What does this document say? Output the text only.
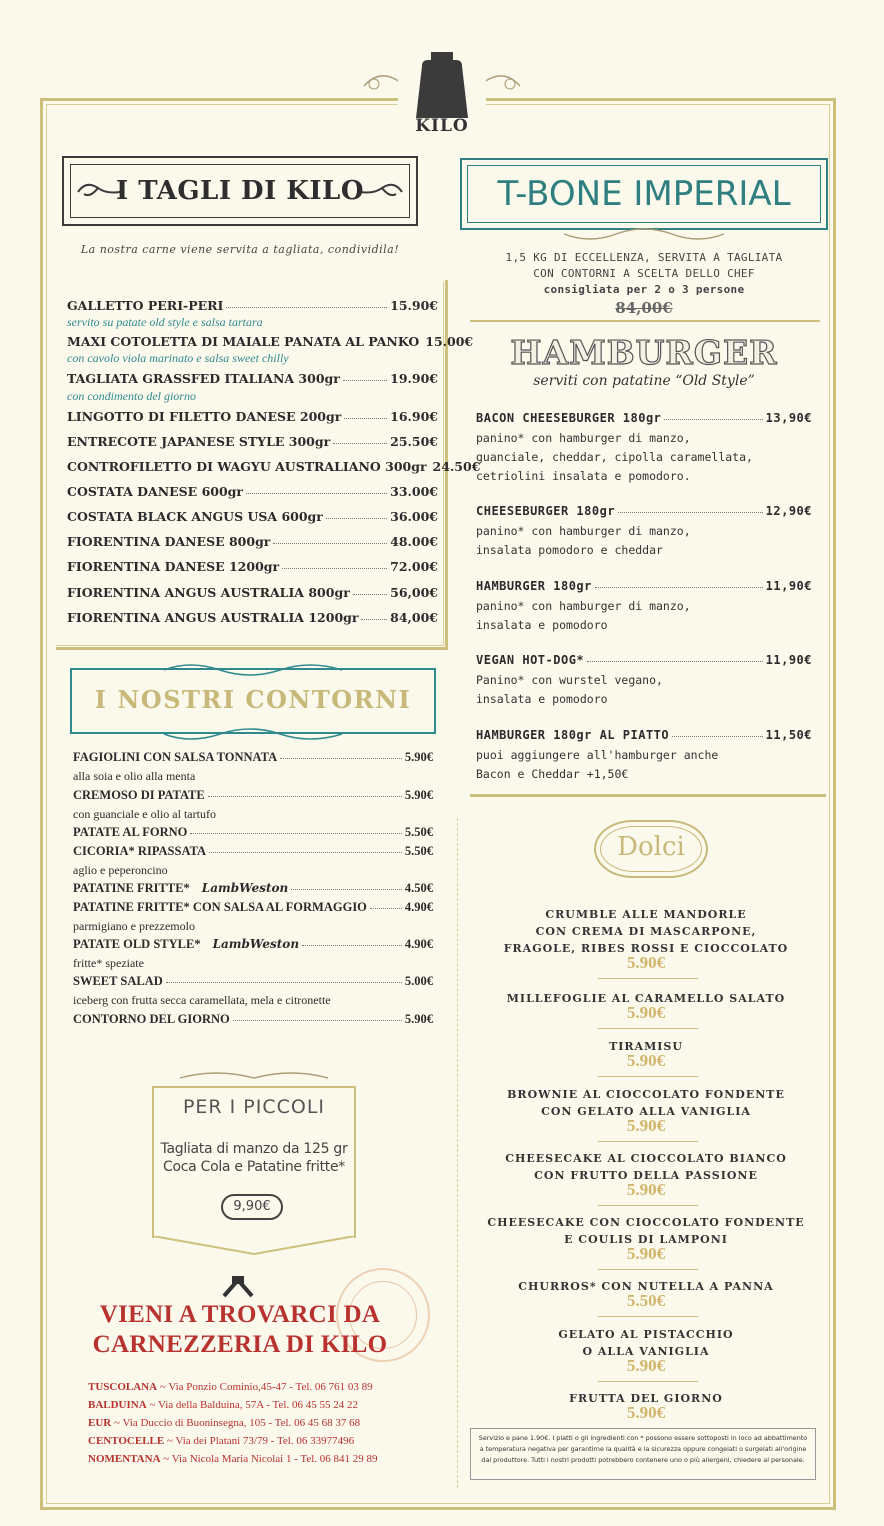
KILO
I TAGLI DI KILO
La nostra carne viene servita a tagliata, condividila!
GALLETTO PERI-PERI	15.90€
servito su patate old style e salsa tartara
MAXI COTOLETTA DI MAIALE PANATA AL PANKO 15.00€
con cavolo viola marinato e salsa sweet chilly
TAGLIATA GRASSFED ITALIANA 300gr	19.90€
con condimento del giorno
LINGOTTO DI FILETTO DANESE 200gr	16.90€
ENTRECOTE JAPANESE STYLE 300gr	25.50€
CONTROFILETTO DI WAGYU AUSTRALIANO 300gr 24.50€
COSTATA DANESE 600gr	33.00€
COSTATA BLACK ANGUS USA 600gr	36.00€
FIORENTINA DANESE 800gr	48.00€
FIORENTINA DANESE 1200gr	72.00€
FIORENTINA ANGUS AUSTRALIA 800gr	56,00€
FIORENTINA ANGUS AUSTRALIA 1200gr	84,00€
I NOSTRI CONTORNI
FAGIOLINI CON SALSA TONNATA	5.90€
alla soia e olio alla menta
CREMOSO DI PATATE	5.90€
con guanciale e olio al tartufo
PATATE AL FORNO	5.50€
CICORIA* RIPASSATA	5.50€
aglio e peperoncino
PATATINE FRITTE* LambWeston	4.50€
PATATINE FRITTE* CON SALSA AL FORMAGGIO	4.90€
parmigiano e prezzemolo
PATATE OLD STYLE* LambWeston	4.90€
fritte* speziate
SWEET SALAD	5.00€
iceberg con frutta secca caramellata, mela e citronette
CONTORNO DEL GIORNO	5.90€
PER I PICCOLI
Tagliata di manzo da 125 gr
Coca Cola e Patatine fritte*
9,90€
VIENI A TROVARCI DA
CARNEZZERIA DI KILO
TUSCOLANA ~ Via Ponzio Cominio,45-47 - Tel. 06 761 03 89
BALDUINA ~ Via della Balduina, 57A - Tel. 06 45 55 24 22
EUR ~ Via Duccio di Buoninsegna, 105 - Tel. 06 45 68 37 68
CENTOCELLE ~ Via dei Platani 73/79 - Tel. 06 33977496
NOMENTANA ~ Via Nicola Maria Nicolai 1 - Tel. 06 841 29 89
T-BONE IMPERIAL
1,5 KG DI ECCELLENZA, SERVITA A TAGLIATA
CON CONTORNI A SCELTA DELLO CHEF
consigliata per 2 o 3 persone
84,00€
HAMBURGER
serviti con patatine “Old Style”
BACON CHEESEBURGER 180gr	13,90€
panino* con hamburger di manzo,
guanciale, cheddar, cipolla caramellata,
cetriolini insalata e pomodoro.
CHEESEBURGER 180gr	12,90€
panino* con hamburger di manzo,
insalata pomodoro e cheddar
HAMBURGER 180gr	11,90€
panino* con hamburger di manzo,
insalata e pomodoro
VEGAN HOT-DOG*	11,90€
Panino* con wurstel vegano,
insalata e pomodoro
HAMBURGER 180gr AL PIATTO	11,50€
puoi aggiungere all'hamburger anche
Bacon e Cheddar +1,50€
Dolci
CRUMBLE ALLE MANDORLE
CON CREMA DI MASCARPONE,
FRAGOLE, RIBES ROSSI E CIOCCOLATO
5.90€
MILLEFOGLIE AL CARAMELLO SALATO
5.90€
TIRAMISU
5.90€
BROWNIE AL CIOCCOLATO FONDENTE
CON GELATO ALLA VANIGLIA
5.90€
CHEESECAKE AL CIOCCOLATO BIANCO
CON FRUTTO DELLA PASSIONE
5.90€
CHEESECAKE CON CIOCCOLATO FONDENTE
E COULIS DI LAMPONI
5.90€
CHURROS* CON NUTELLA A PANNA
5.50€
GELATO AL PISTACCHIO
O ALLA VANIGLIA
5.90€
FRUTTA DEL GIORNO
5.90€
Servizio e pane 1.90€. I piatti o gli ingredienti con * possono essere sottoposti in loco ad abbattimento a temperatura negativa per garantirne la qualità e la sicurezza oppure congelati o surgelati all'origine dal produttore. Tutti i nostri prodotti potrebbero contenere uno o più allergeni, chiedere al personale.
